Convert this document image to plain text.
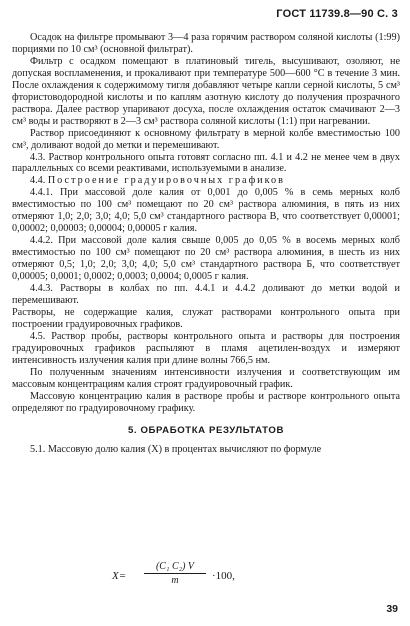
ГОСТ 11739.8—90 С. 3

Осадок на фильтре промывают 3—4 раза горячим раствором соляной кислоты (1:99) порциями по 10 см³ (основной фильтрат).

Фильтр с осадком помещают в платиновый тигель, высушивают, озоляют, не допуская воспламенения, и прокаливают при температуре 500—600 °С в течение 3 мин. После охлаждения к содержимому тигля добавляют четыре капли серной кислоты, 5 см³ фтористоводородной кислоты и по каплям азотную кислоту до получения прозрачного раствора. Далее раствор упаривают досуха, после охлаждения остаток смачивают 2—3 см³ воды и растворяют в 2—3 см³ раствора соляной кислоты (1:1) при нагревании.

Раствор присоединяют к основному фильтрату в мерной колбе вместимостью 100 см³, доливают водой до метки и перемешивают.

4.3. Раствор контрольного опыта готовят согласно пп. 4.1 и 4.2 не менее чем в двух параллельных со всеми реактивами, используемыми в анализе.

4.4. Построение градуировочных графиков

4.4.1. При массовой доле калия от 0,001 до 0,005 % в семь мерных колб вместимостью по 100 см³ помещают по 20 см³ раствора алюминия, в пять из них отмеряют 1,0; 2,0; 3,0; 4,0; 5,0 см³ стандартного раствора В, что соответствует 0,00001; 0,00002; 0,00003; 0,00004; 0,00005 г калия.

4.4.2. При массовой доле калия свыше 0,005 до 0,05 % в восемь мерных колб вместимостью по 100 см³ помещают по 20 см³ раствора алюминия, в шесть из них отмеряют 0,5; 1,0; 2,0; 3,0; 4,0; 5,0 см³ стандартного раствора Б, что соответствует 0,00005; 0,0001; 0,0002; 0,0003; 0,0004; 0,0005 г калия.

4.4.3. Растворы в колбах по пп. 4.4.1 и 4.4.2 доливают до метки водой и перемешивают.

Растворы, не содержащие калия, служат растворами контрольного опыта при построении градуировочных графиков.

4.5. Раствор пробы, растворы контрольного опыта и растворы для построения градуировочных графиков распыляют в пламя ацетилен-воздух и измеряют интенсивность излучения калия при длине волны 766,5 нм.

По полученным значениям интенсивности излучения и соответствующим им массовым концентрациям калия строят градуировочный график.

Массовую концентрацию калия в растворе пробы и растворе контрольного опыта определяют по градуировочному графику.

5. ОБРАБОТКА РЕЗУЛЬТАТОВ

5.1. Массовую долю калия (X) в процентах вычисляют по формуле

$X= \frac{\text{(C₁ C₂) V}}{m} \cdot 100$,
39
